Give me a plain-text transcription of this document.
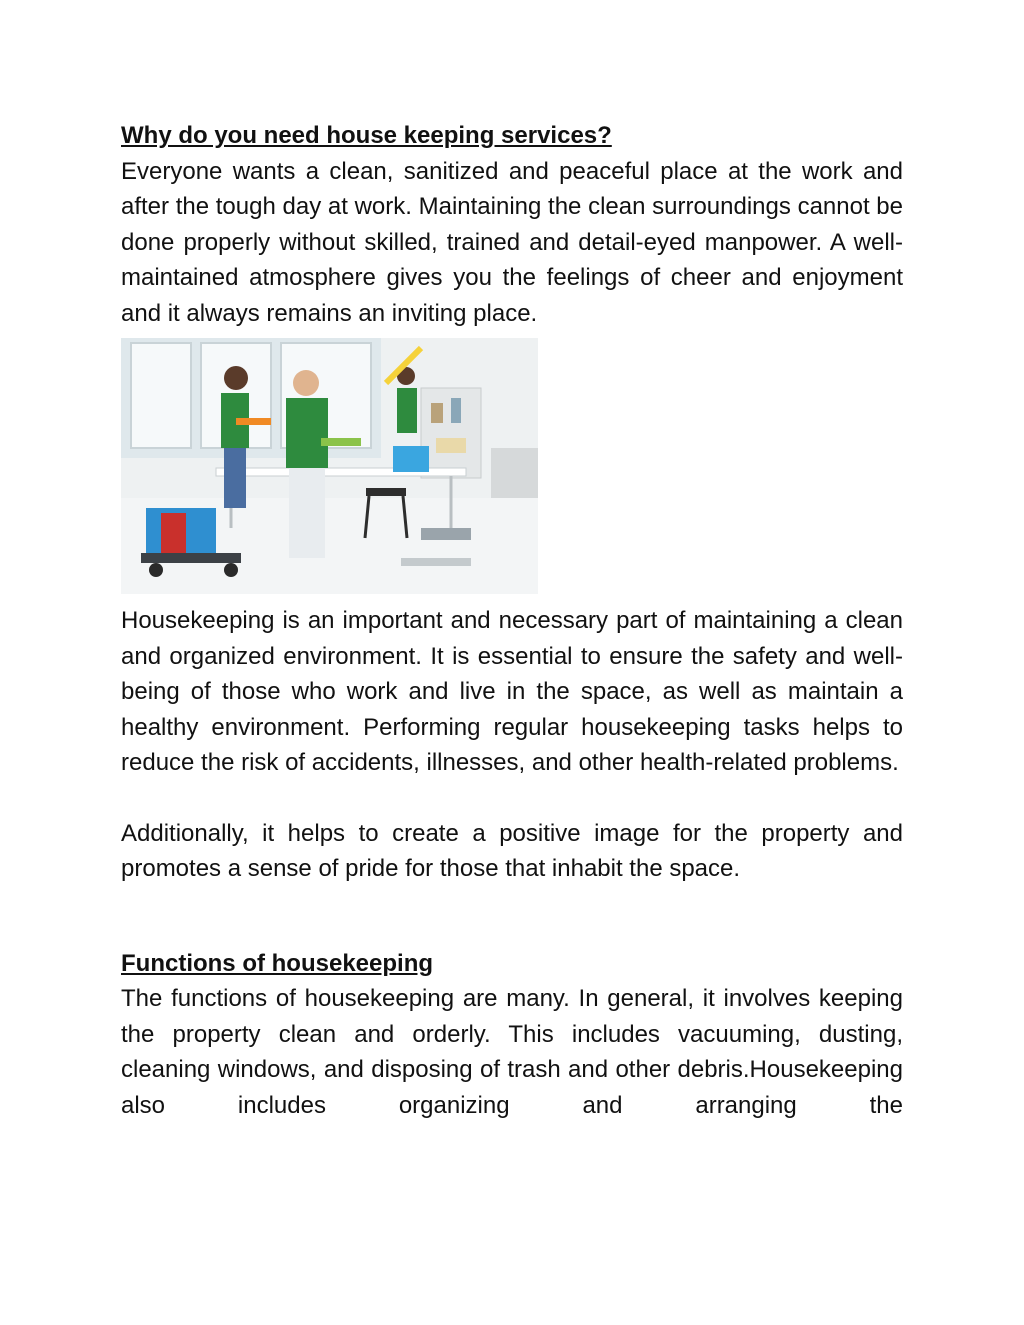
Why do you need house keeping services?

Everyone wants a clean, sanitized and peaceful place at the work and after the tough day at work. Maintaining the clean surroundings cannot be done properly without skilled, trained and detail-eyed manpower. A well-maintained atmosphere gives you the feelings of cheer and enjoyment and it always remains an inviting place.

Housekeeping is an important and necessary part of maintaining a clean and organized environment. It is essential to ensure the safety and well-being of those who work and live in the space, as well as maintain a healthy environment. Performing regular housekeeping tasks helps to reduce the risk of accidents, illnesses, and other health-related problems.

Additionally, it helps to create a positive image for the property and promotes a sense of pride for those that inhabit the space.

Functions of housekeeping

The functions of housekeeping are many. In general, it involves keeping the property clean and orderly. This includes vacuuming, dusting, cleaning windows, and disposing of trash and other debris.Housekeeping also includes organizing and arranging the
